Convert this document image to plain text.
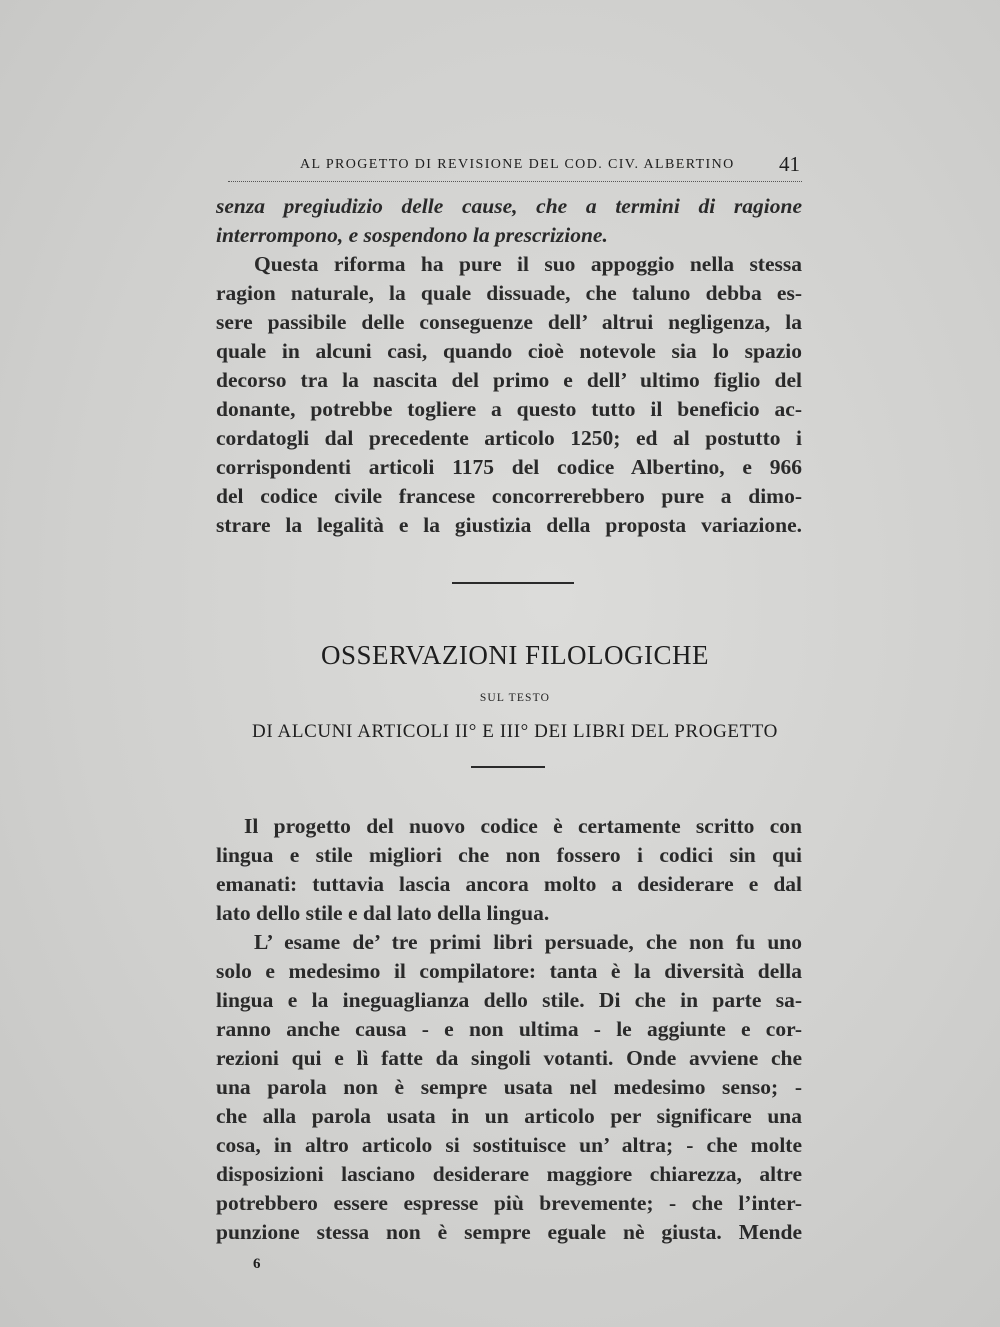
AL PROGETTO DI REVISIONE DEL COD. CIV. ALBERTINO 41
senza pregiudizio delle cause, che a termini di ragione
interrompono, e sospendono la prescrizione.
Questa riforma ha pure il suo appoggio nella stessa
ragion naturale, la quale dissuade, che taluno debba es-
sere passibile delle conseguenze dell’ altrui negligenza, la
quale in alcuni casi, quando cioè notevole sia lo spazio
decorso tra la nascita del primo e dell’ ultimo figlio del
donante, potrebbe togliere a questo tutto il beneficio ac-
cordatogli dal precedente articolo 1250; ed al postutto i
corrispondenti articoli 1175 del codice Albertino, e 966
del codice civile francese concorrerebbero pure a dimo-
strare la legalità e la giustizia della proposta variazione.
OSSERVAZIONI FILOLOGICHE
SUL TESTO
DI ALCUNI ARTICOLI II° E III° DEI LIBRI DEL PROGETTO
Il progetto del nuovo codice è certamente scritto con
lingua e stile migliori che non fossero i codici sin qui
emanati: tuttavia lascia ancora molto a desiderare e dal
lato dello stile e dal lato della lingua.
L’ esame de’ tre primi libri persuade, che non fu uno
solo e medesimo il compilatore: tanta è la diversità della
lingua e la ineguaglianza dello stile. Di che in parte sa-
ranno anche causa - e non ultima - le aggiunte e cor-
rezioni qui e lì fatte da singoli votanti. Onde avviene che
una parola non è sempre usata nel medesimo senso; -
che alla parola usata in un articolo per significare una
cosa, in altro articolo si sostituisce un’ altra; - che molte
disposizioni lasciano desiderare maggiore chiarezza, altre
potrebbero essere espresse più brevemente; - che l’inter-
punzione stessa non è sempre eguale nè giusta. Mende
6
